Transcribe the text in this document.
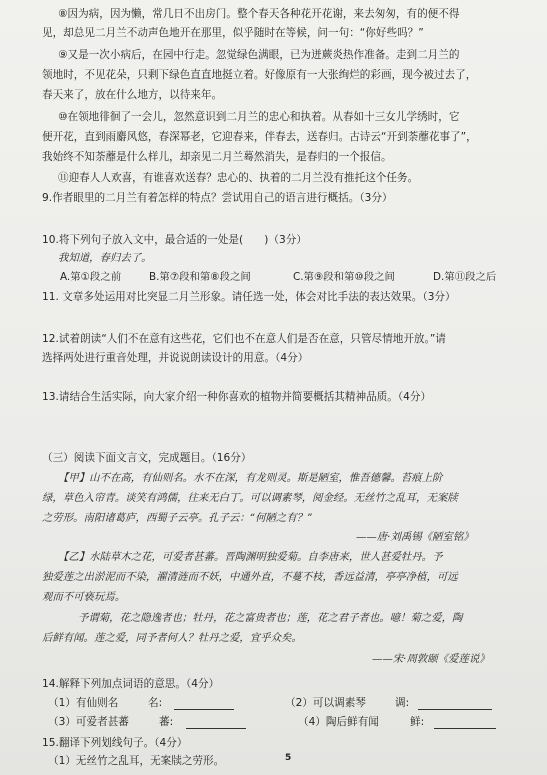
⑧因为病，因为懒，常几日不出房门。整个春天各种花开花谢，来去匆匆，有的便不得
见，却总见二月兰不动声色地开在那里，似乎随时在等候，问一句：“你好些吗？”
⑨又是一次小病后，在园中行走。忽觉绿色满眼，已为迸蕨炎热作准备。走到二月兰的
领地时，不见花朵，只剩下绿色直直地挺立着。好像原有一大张绚烂的彩画，现今被过去了，
春天来了，放在什么地方，以待来年。
⑩在领地徘徊了一会儿，忽然意识到二月兰的忠心和执着。从春如十三女儿学绣时，它
便开花，直到雨麝风悠，春深幂老，它迎春来，伴春去，送春归。古诗云“开到荼蘼花事了”，
我始终不知荼蘼是什么样儿，却亲见二月兰蓦然消失，是春归的一个报信。
⑪迎春人人欢喜，有谁喜欢送春？忠心的、执着的二月兰没有推托这个任务。
9.作者眼里的二月兰有着怎样的特点？尝试用自己的语言进行概括。（3分）
10.将下列句子放入文中，最合适的一处是(　　)（3分）
我知道，春归去了。
A.第①段之前	B.第⑦段和第⑧段之间	C.第⑨段和第⑩段之间	D.第⑪段之后
11. 文章多处运用对比突显二月兰形象。请任选一处，体会对比手法的表达效果。（3分）
12.试着朗读“人们不在意有这些花，它们也不在意人们是否在意，只管尽情地开放。”请
选择两处进行重音处理，并说说朗读设计的用意。（4分）
13.请结合生活实际，向大家介绍一种你喜欢的植物并简要概括其精神品质。（4分）
（三）阅读下面文言文，完成题目。（16分）
【甲】山不在高，有仙则名。水不在深，有龙则灵。斯是陋室，惟吾德馨。苔痕上阶
绿，草色入帘青。谈笑有鸿儒，往来无白丁。可以调素琴，阅金经。无丝竹之乱耳，无案牍
之劳形。南阳诸葛庐，西蜀子云亭。孔子云：“何陋之有？”
——唐·刘禹锡《陋室铭》
【乙】水陆草木之花，可爱者甚蕃。晋陶渊明独爱菊。自李唐来，世人甚爱牡丹。予
独爱莲之出淤泥而不染，濯清涟而不妖，中通外直，不蔓不枝，香远益清，亭亭净植，可远
观而不可亵玩焉。
予谓菊，花之隐逸者也；牡丹，花之富贵者也；莲，花之君子者也。噫！菊之爱，陶
后鲜有闻。莲之爱，同予者何人？牡丹之爱，宜乎众矣。
——宋·周敦颐《爱莲说》
14.解释下列加点词语的意思。（4分）
（1）有仙则名	名:	（2）可以调素琴	调:
（3）可爱者甚蕃	蕃:	（4）陶后鲜有闻	鲜:
15.翻译下列划线句子。（4分）
（1）无丝竹之乱耳，无案牍之劳形。	5
